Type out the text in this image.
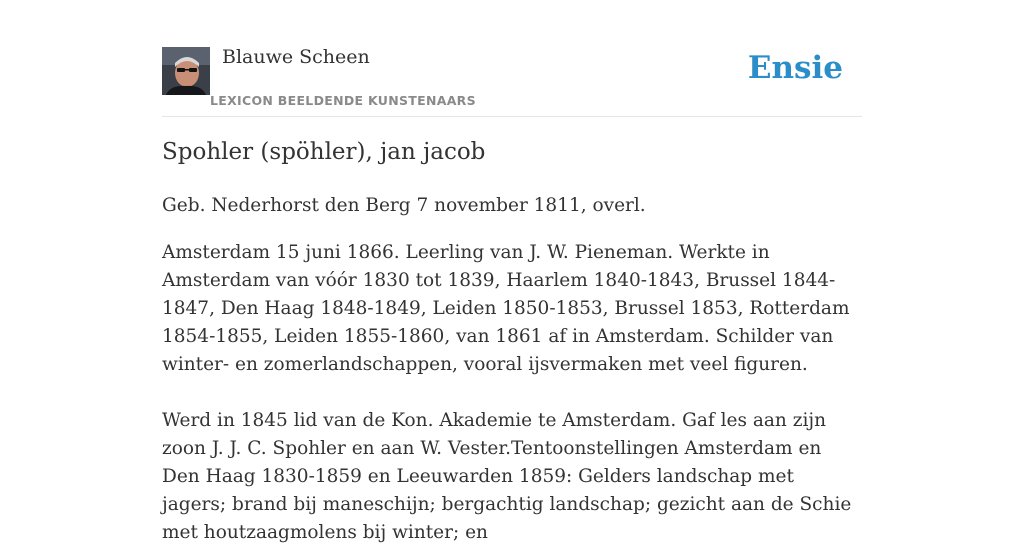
Blauwe Scheen
LEXICON BEELDENDE KUNSTENAARS
Ensie
Spohler (spöhler), jan jacob

Geb. Nederhorst den Berg 7 november 1811, overl.

Amsterdam 15 juni 1866. Leerling van J. W. Pieneman. Werkte in Amsterdam van vóór 1830 tot 1839, Haarlem 1840-1843, Brussel 1844-1847, Den Haag 1848-1849, Leiden 1850-1853, Brussel 1853, Rotterdam 1854-1855, Leiden 1855-1860, van 1861 af in Amsterdam. Schilder van winter- en zomerlandschappen, vooral ijsvermaken met veel figuren.

Werd in 1845 lid van de Kon. Akademie te Amsterdam. Gaf les aan zijn zoon J. J. C. Spohler en aan W. Vester.Tentoonstellingen Amsterdam en Den Haag 1830-1859 en Leeuwarden 1859: Gelders landschap met jagers; brand bij maneschijn; bergachtig landschap; gezicht aan de Schie met houtzaagmolens bij winter; en
